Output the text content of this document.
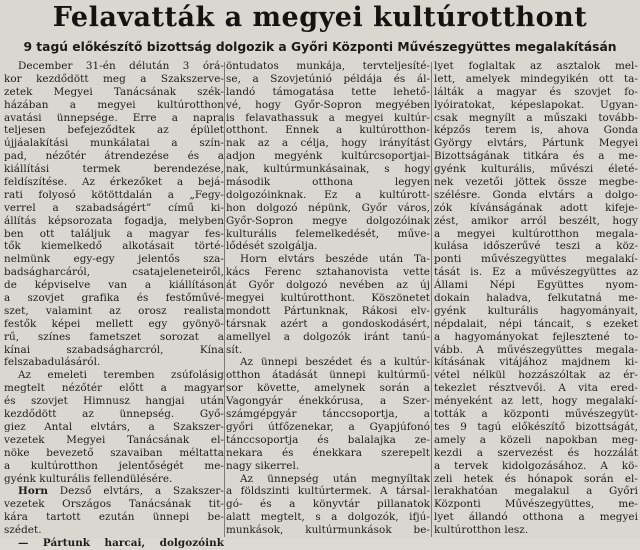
Felavatták a megyei kultúrotthont
9 tagú előkészítő bizottság dolgozik a Győri Központi Művészegyüttes megalakításán
December 31-én délután 3 órá-
kor kezdődött meg a Szakszerve-
zetek Megyei Tanácsának szék-
házában a megyei kultúrotthon
avatási ünnepsége. Erre a napra
teljesen befejeződtek az épület
újjáalakítási munkálatai a szín-
pad, nézőtér átrendezése és a
kiállítási termek berendezése,
feldíszítése. Az érkezőket a bejá-
rati folyosó kötöttdalán a „Fegy-
verrel a szabadságért” című ki-
állítás képsorozata fogadja, melyben
ben ott találjuk a magyar fes-
tők kiemelkedő alkotásait törté-
nelmünk egy-egy jelentős sza-
badságharcáról, csatajeleneteiről,
de képviselve van a kiállításon
a szovjet grafika és festőművé-
szet, valamint az orosz realista
festők képei mellett egy gyönyö-
rű, színes fametszet sorozat a
kínai szabadságharcról, Kína
felszabadulásáról.
Az emeleti teremben zsúfolásig
megtelt nézőtér előtt a magyar
és szovjet Himnusz hangjai után
kezdődött az ünnepség. Győ-
giez Antal elvtárs, a Szakszer-
vezetek Megyei Tanácsának el-
nöke bevezető szavaiban méltatta
a kultúrotthon jelentőségét me-
gyénk kulturális fellendülésére.
Horn Dezső elvtárs, a Szakszer-
vezetek Országos Tanácsának tit-
kára tartott ezután ünnepi be-
szédet.
— Pártunk harcai, dolgozóink
öntudatos munkája, tervteljesíté-
se, a Szovjetúnió példája és ál-
landó támogatása tette lehető-
vé, hogy Győr-Sopron megyében
is felavathassuk a megyei kultúr-
otthont. Ennek a kultúrotthon-
nak az a célja, hogy irányítást
adjon megyénk kultúrcsoportjai-
nak, kultúrmunkásainak, s hogy
második otthona legyen
dolgozóinknak. Ez a kultúrott-
hon dolgozó népünk, Győr város,
Győr-Sopron megye dolgozóinak
kulturális felemelkedését, műve-
lődését szolgálja.
Horn elvtárs beszéde után Ta-
kács Ferenc sztahanovista vette
át Győr dolgozó nevében az új
megyei kultúrotthont. Köszönetet
mondott Pártunknak, Rákosi elv-
társnak azért a gondoskodásért,
amellyel a dolgozók iránt tanú-
sít.
Az ünnepi beszédet és a kultúr-
otthon átadását ünnepi kultúrmű-
sor követte, amelynek során a
Vagongyár énekkórusa, a Szer-
számgépgyár tánccsoportja, a
győri útfőzenekar, a Gyapjúfonó
tánccsoportja és balalajka ze-
nekara és énekkara szerepelt
nagy sikerrel.
Az ünnepség után megnyíltak
a földszinti kultúrtermek. A társal-
gó- és a könyvtár pillanatok
alatt megtelt, s a dolgozók, ifjú-
munkások, kultúrmunkások be-
lyet foglaltak az asztalok mel-
lett, amelyek mindegyikén ott ta-
lálták a magyar és szovjet fo-
lyóiratokat, képeslapokat. Ugyan-
csak megnyílt a műszaki tovább-
képzős terem is, ahova Gonda
György elvtárs, Pártunk Megyei
Bizottságának titkára és a me-
gyénk kulturális, művészi életé-
nek vezetői jöttek össze megbe-
szélésre. Gonda elvtárs a dolgo-
zók kívánságának adott kifeje-
zést, amikor arról beszélt, hogy
a megyei kultúrotthon megala-
kulása időszerűvé teszi a köz-
ponti művészegyüttes megalakí-
tását is. Ez a művészegyüttes az
Állami Népi Együttes nyom-
dokain haladva, felkutatná me-
gyénk kulturális hagyományait,
népdalait, népi táncait, s ezeket
a hagyományokat fejlesztené to-
vább. A művészegyüttes megala-
kításának vitájához majdnem ki-
vétel nélkül hozzászóltak az ér-
tekezlet résztvevői. A vita ered-
ményeként az lett, hogy megalakí-
tották a központi művészegyüt-
tes 9 tagú előkészítő bizottságát,
amely a közeli napokban meg-
kezdi a szervezést és hozzálát
a tervek kidolgozásához. A kö-
zeli hetek és hónapok során el-
lerakhatóan megalakul a Győri
Központi Művészegyüttes, me-
lyet állandó otthona a megyei
kultúrotthon lesz.
